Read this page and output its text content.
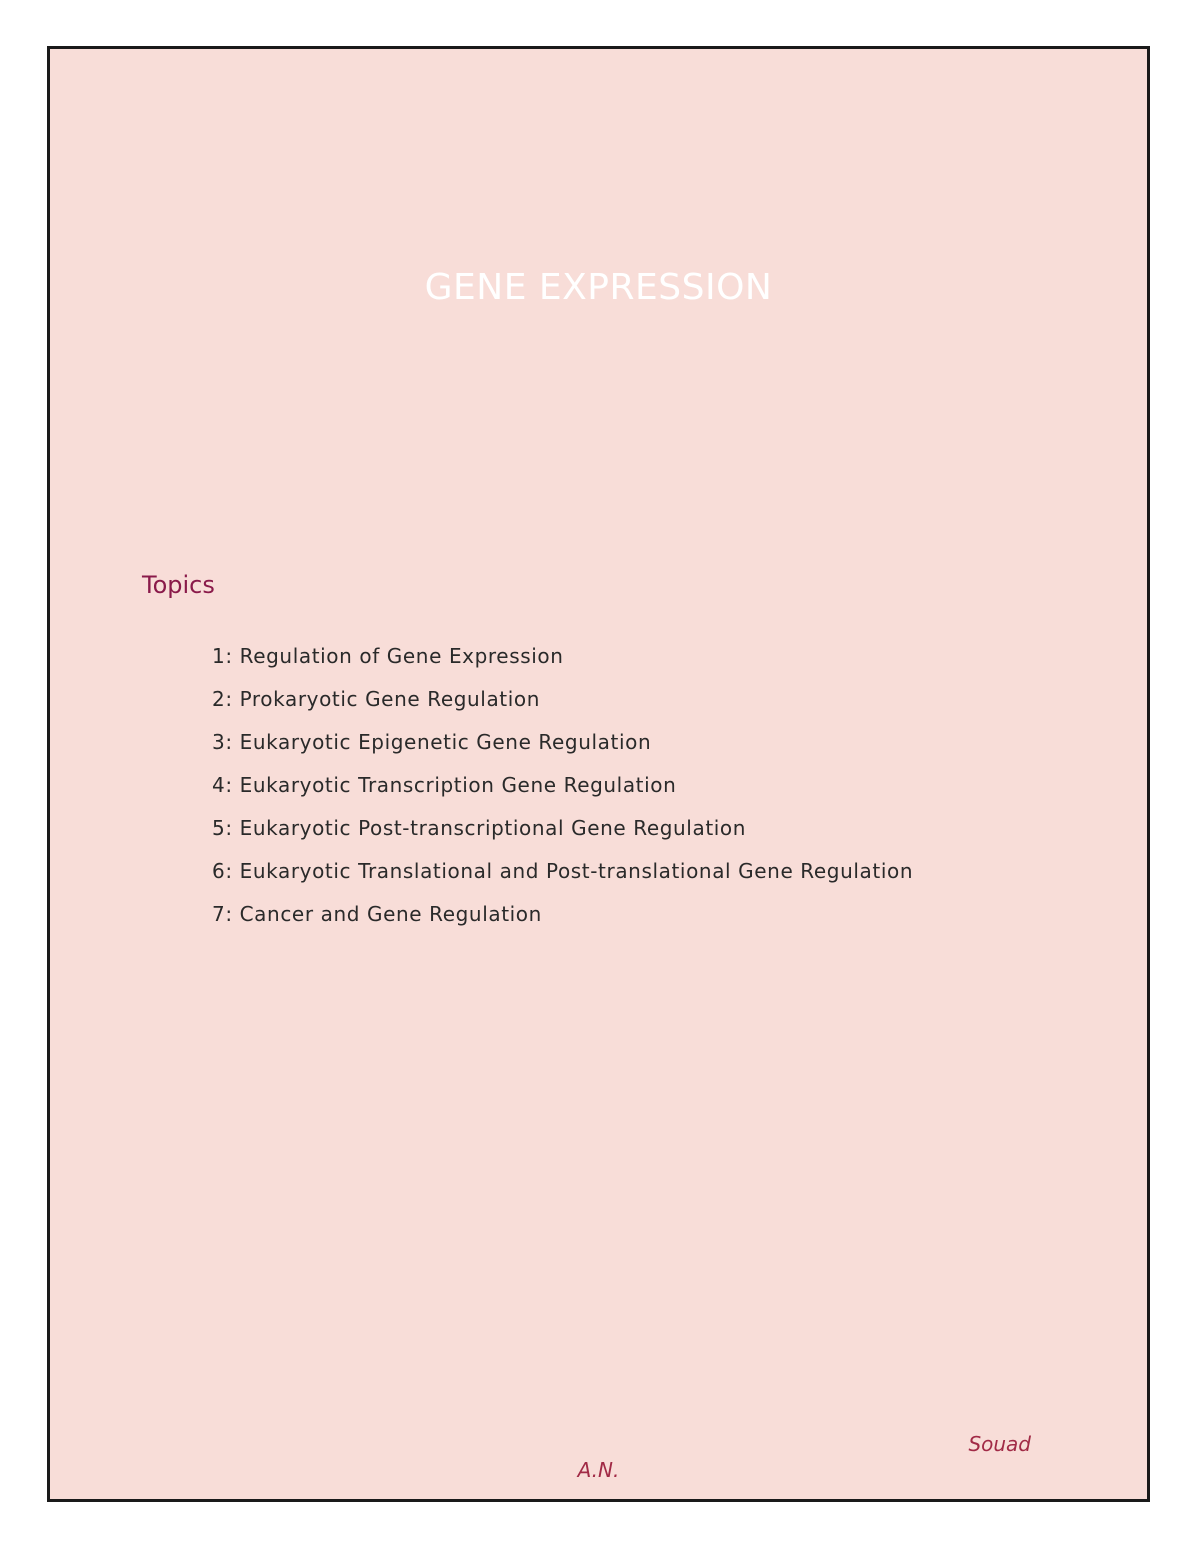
GENE EXPRESSION
Topics
1: Regulation of Gene Expression
2: Prokaryotic Gene Regulation
3: Eukaryotic Epigenetic Gene Regulation
4: Eukaryotic Transcription Gene Regulation
5: Eukaryotic Post-transcriptional Gene Regulation
6: Eukaryotic Translational and Post-translational Gene Regulation
7: Cancer and Gene Regulation
Souad
A.N.
